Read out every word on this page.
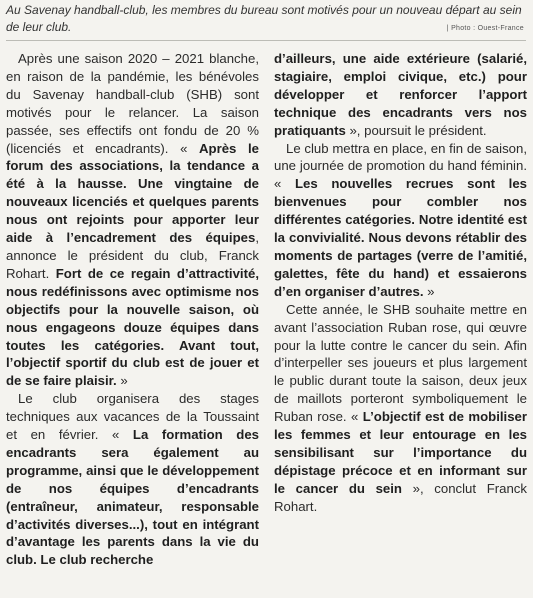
Au Savenay handball-club, les membres du bureau sont motivés pour un nouveau départ au sein de leur club.	| Photo : Ouest-France

Après une saison 2020 – 2021 blanche, en raison de la pandémie, les bénévoles du Savenay handball-club (SHB) sont motivés pour le relancer. La saison passée, ses effectifs ont fondu de 20 % (licenciés et encadrants). « Après le forum des associations, la tendance a été à la hausse. Une vingtaine de nouveaux licenciés et quelques parents nous ont rejoints pour apporter leur aide à l’encadrement des équipes, annonce le président du club, Franck Rohart. Fort de ce regain d’attractivité, nous redéfinissons avec optimisme nos objectifs pour la nouvelle saison, où nous engageons douze équipes dans toutes les catégories. Avant tout, l’objectif sportif du club est de jouer et de se faire plaisir. »

Le club organisera des stages techniques aux vacances de la Toussaint et en février. « La formation des encadrants sera également au programme, ainsi que le développement de nos équipes d’encadrants (entraîneur, animateur, responsable d’activités diverses...), tout en intégrant d’avantage les parents dans la vie du club. Le club recherche

d’ailleurs, une aide extérieure (salarié, stagiaire, emploi civique, etc.) pour développer et renforcer l’apport technique des encadrants vers nos pratiquants », poursuit le président.

Le club mettra en place, en fin de saison, une journée de promotion du hand féminin. « Les nouvelles recrues sont les bienvenues pour combler nos différentes catégories. Notre identité est la convivialité. Nous devons rétablir des moments de partages (verre de l’amitié, galettes, fête du hand) et essaierons d’en organiser d’autres. »

Cette année, le SHB souhaite mettre en avant l’association Ruban rose, qui œuvre pour la lutte contre le cancer du sein. Afin d’interpeller ses joueurs et plus largement le public durant toute la saison, deux jeux de maillots porteront symboliquement le Ruban rose. « L’objectif est de mobiliser les femmes et leur entourage en les sensibilisant sur l’importance du dépistage précoce et en informant sur le cancer du sein », conclut Franck Rohart.
